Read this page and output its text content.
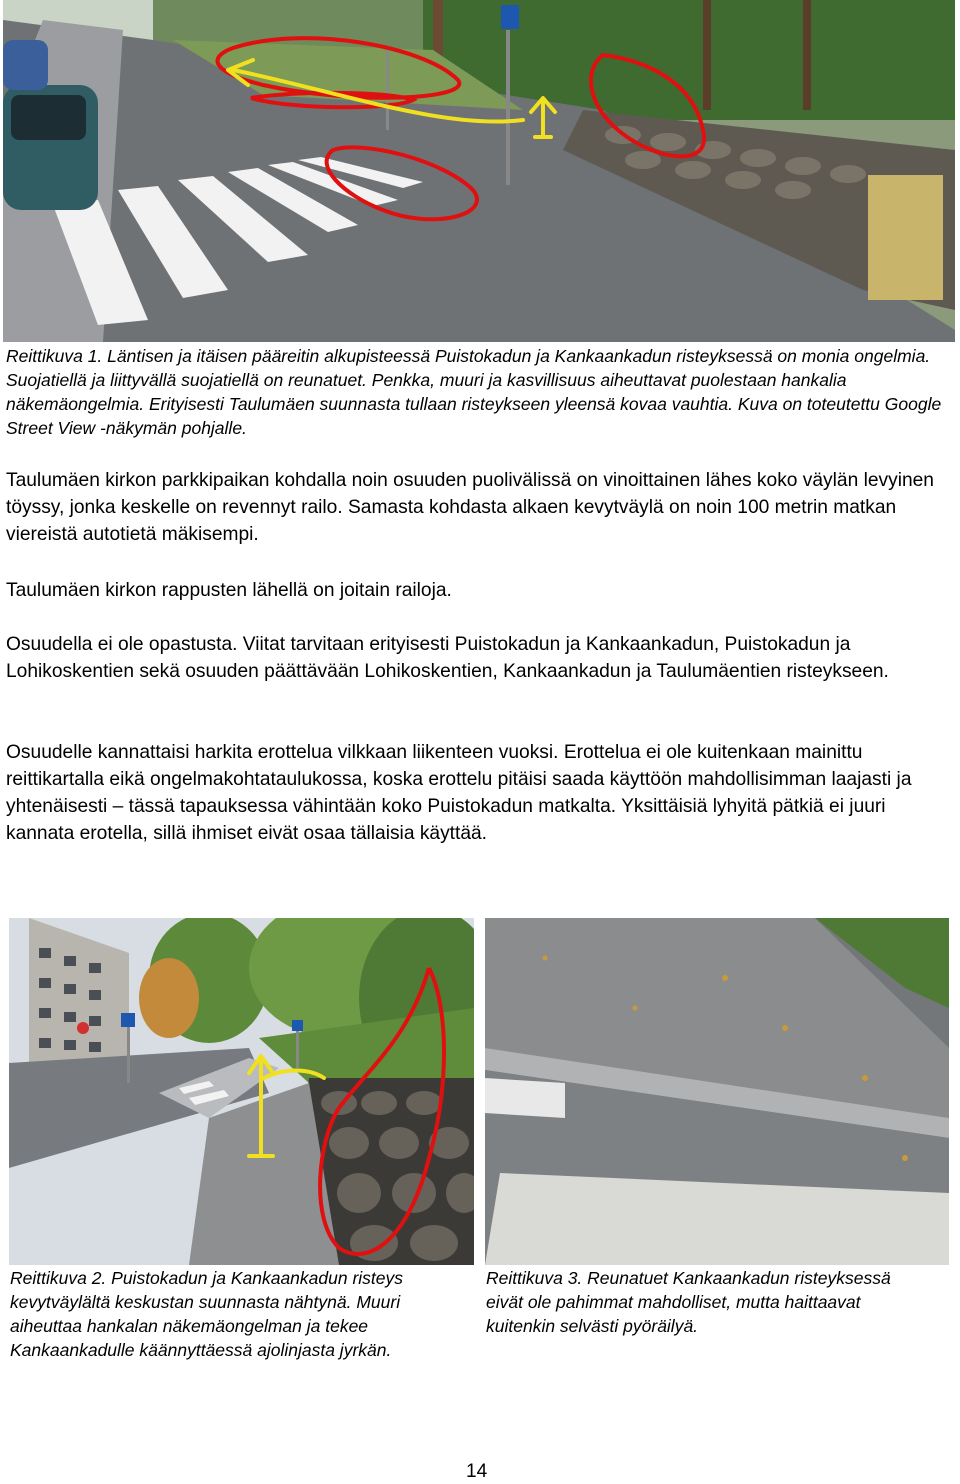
Reittikuva 1. Läntisen ja itäisen pääreitin alkupisteessä Puistokadun ja Kankaankadun risteyksessä on monia ongelmia. Suojatiellä ja liittyvällä suojatiellä on reunatuet. Penkka, muuri ja kasvillisuus aiheuttavat puolestaan hankalia näkemäongelmia. Erityisesti Taulumäen suunnasta tullaan risteykseen yleensä kovaa vauhtia. Kuva on toteutettu Google Street View -näkymän pohjalle.

Taulumäen kirkon parkkipaikan kohdalla noin osuuden puolivälissä on vinoittainen lähes koko väylän levyinen töyssy, jonka keskelle on revennyt railo. Samasta kohdasta alkaen kevytväylä on noin 100 metrin matkan viereistä autotietä mäkisempi.

Taulumäen kirkon rappusten lähellä on joitain railoja.

Osuudella ei ole opastusta. Viitat tarvitaan erityisesti Puistokadun ja Kankaankadun, Puistokadun ja Lohikoskentien sekä osuuden päättävään Lohikoskentien, Kankaankadun ja Taulumäentien risteykseen.

Osuudelle kannattaisi harkita erottelua vilkkaan liikenteen vuoksi. Erottelua ei ole kuitenkaan mainittu reittikartalla eikä ongelmakohtataulukossa, koska erottelu pitäisi saada käyttöön mahdollisimman laajasti ja yhtenäisesti – tässä tapauksessa vähintään koko Puistokadun matkalta. Yksittäisiä lyhyitä pätkiä ei juuri kannata erotella, sillä ihmiset eivät osaa tällaisia käyttää.

Reittikuva 2. Puistokadun ja Kankaankadun risteys kevytväylältä keskustan suunnasta nähtynä. Muuri aiheuttaa hankalan näkemäongelman ja tekee Kankaankadulle käännyttäessä ajolinjasta jyrkän.
Reittikuva 3. Reunatuet Kankaankadun risteyksessä eivät ole pahimmat mahdolliset, mutta haittaavat kuitenkin selvästi pyöräilyä.
14
